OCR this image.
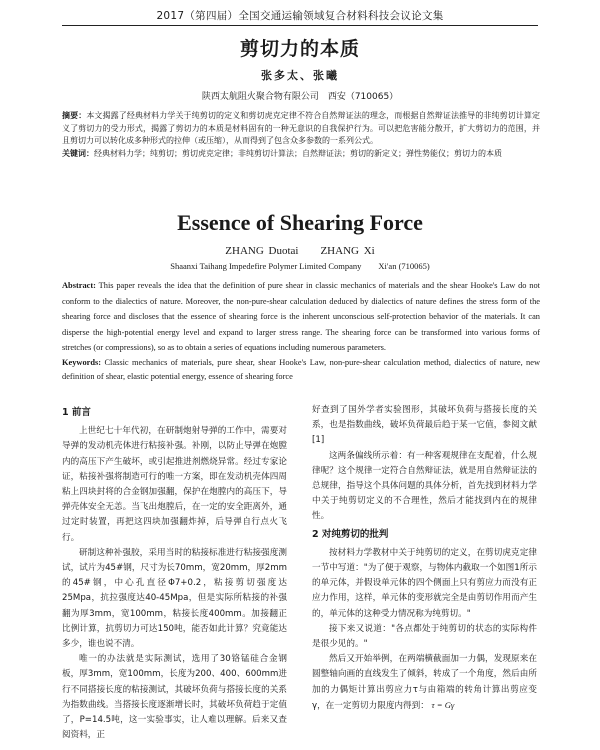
2017（第四届）全国交通运输领域复合材料科技会议论文集
剪切力的本质
张多太、张曦
陕西太航阻火聚合物有限公司　西安（710065）
摘要：本文揭露了经典材料力学关于纯剪切的定义和剪切虎克定律不符合自然辩证法的理念，而根据自然辩证法推导的非纯剪切计算定义了剪切力的受力形式，揭露了剪切力的本质是材料固有的一种无意识的自我保护行为。可以把危害能分散开，扩大剪切力的范围，并且剪切力可以转化成多种形式的拉伸（或压缩），从而得到了包含众多参数的一系列公式。
关键词：经典材料力学；纯剪切；剪切虎克定律；非纯剪切计算法；自然辩证法；剪切的新定义；弹性势能仪；剪切力的本质
Essence of Shearing Force
ZHANG Duotai　　ZHANG Xi
Shaanxi Taihang Impedefire Polymer Limited Company　　Xi'an (710065)
Abstract: This paper reveals the idea that the definition of pure shear in classic mechanics of materials and the shear Hooke's Law do not conform to the dialectics of nature. Moreover, the non-pure-shear calculation deduced by dialectics of nature defines the stress form of the shearing force and discloses that the essence of shearing force is the inherent unconscious self-protection behavior of the materials. It can disperse the high-potential energy level and expand to larger stress range. The shearing force can be transformed into various forms of stretches (or compressions), so as to obtain a series of equations including numerous parameters.
Keywords: Classic mechanics of materials, pure shear, shear Hooke's Law, non-pure-shear calculation method, dialectics of nature, new definition of shear, elastic potential energy, essence of shearing force

1 前言

上世纪七十年代初，在研制炮射导弹的工作中，需要对导弹的发动机壳体进行粘接补强。补刚，以防止导弹在炮膛内的高压下产生破坏，或引起推进剂燃烧异常。经过专家论证，粘接补强将制造可行的唯一方案，即在发动机壳体四周粘上四块封将的合金钢加强翻，保护在炮膛内的高压下，导弹壳体安全无恙。当飞出炮膛后，在一定的安全距离外，通过定时装置，再把这四块加强翻炸掉，后导弹自行点火飞行。

研制这种补强胶，采用当时的粘接标准进行粘接强度测试，试片为45#钢，尺寸为长70mm，宽20mm，厚2mm的45#钢，中心孔直径Φ7+0.2，粘接剪切强度达25Mpa，抗拉强度达40-45Mpa，但是实际所粘接的补强翻为厚3mm，宽100mm，粘接长度400mm。加接翻正比例计算，抗剪切力可达150吨，能否如此计算？究竟能达多少，谁也说不清。

唯一的办法就是实际测试，选用了30铬锰硅合金钢板，厚3mm，宽100mm，长度为200、400、600mm进行不同搭接长度的粘接测试，其破坏负荷与搭接长度的关系为指数曲线。当搭接长度逐渐增长时，其破坏负荷趋于定值了，P=14.5吨，这一实验事实，让人难以理解。后来又查阅资料，正

好查到了国外学者实验图形，其破坏负荷与搭接长度的关系，也是指数曲线，破坏负荷最后趋于某一它值，参阅文献[1]

这两条偏线所示着：有一种客观规律在支配着，什么规律呢？这个规律一定符合自然辩证法，就是用自然辩证法的总规律，指导这个具体问题的具体分析，首先找到材料力学中关于纯剪切定义的不合理性，然后才能找到内在的规律性。

2 对纯剪切的批判

按材料力学教材中关于纯剪切的定义，在剪切虎克定律一节中写道："为了便于观察，与物体内截取一个如图1所示的单元体，并假设单元体的四个侧面上只有剪应力而没有正应力作用，这样，单元体的变形就完全是由剪切作用而产生的，单元体的这种受力情况称为纯剪切。"

接下来又说道："各点都处于纯剪切的状态的实际构件是很少见的。"

然后又开始举例，在两端横截面加一力偶，发现原来在圆整轴向画的直线发生了倾斜，转成了一个角度，然后由所加的力偶矩计算出剪应力τ与由箱端的转角计算出剪应变γ，在一定剪切力限度内得到： τ = Gγ
